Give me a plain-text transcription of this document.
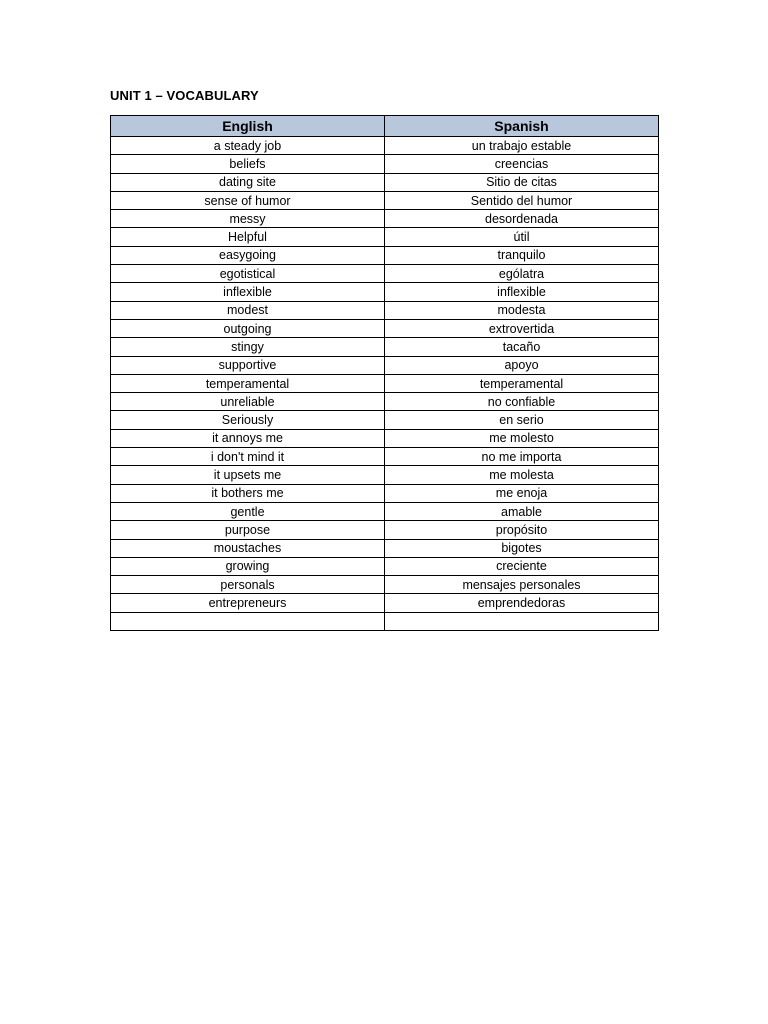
UNIT 1 – VOCABULARY
English	Spanish
a steady job	un trabajo estable
beliefs	creencias
dating site	Sitio de citas
sense of humor	Sentido del humor
messy	desordenada
Helpful	útil
easygoing	tranquilo
egotistical	ególatra
inflexible	inflexible
modest	modesta
outgoing	extrovertida
stingy	tacaño
supportive	apoyo
temperamental	temperamental
unreliable	no confiable
Seriously	en serio
it annoys me	me molesto
i don't mind it	no me importa
it upsets me	me molesta
it bothers me	me enoja
gentle	amable
purpose	propósito
moustaches	bigotes
growing	creciente
personals	mensajes personales
entrepreneurs	emprendedoras
